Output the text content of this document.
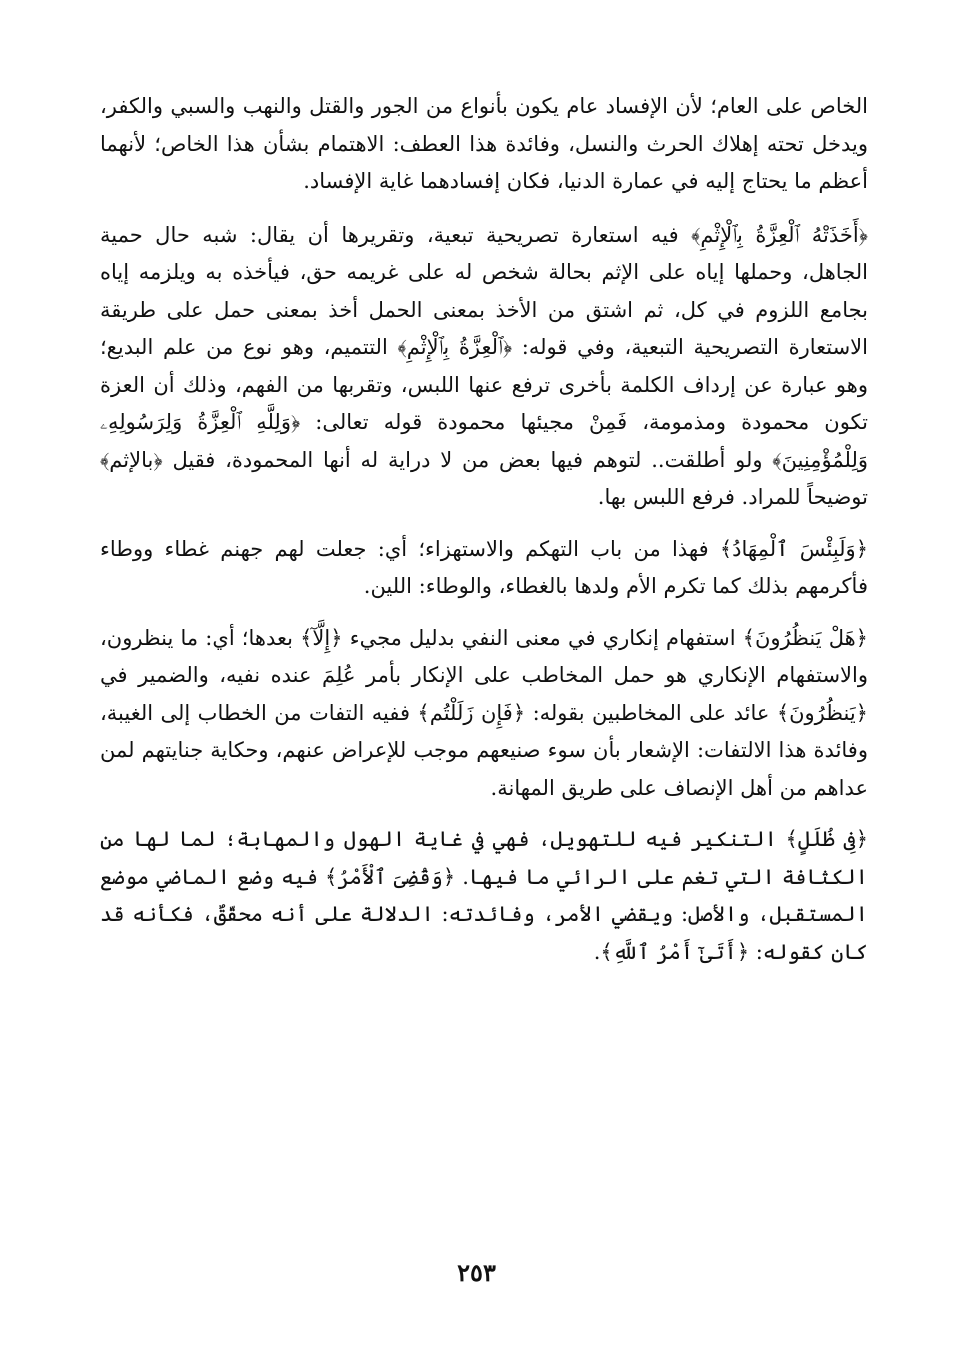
الخاص على العام؛ لأن الإفساد عام يكون بأنواع من الجور والقتل والنهب والسبي والكفر، ويدخل تحته إهلاك الحرث والنسل، وفائدة هذا العطف: الاهتمام بشأن هذا الخاص؛ لأنهما أعظم ما يحتاج إليه في عمارة الدنيا، فكان إفسادهما غاية الإفساد.

﴿أَخَذَتْهُ ٱلْعِزَّةُ بِٱلْإِثْمِ﴾ فيه استعارة تصريحية تبعية، وتقريرها أن يقال: شبه حال حمية الجاهل، وحملها إياه على الإثم بحالة شخص له على غريمه حق، فيأخذه به ويلزمه إياه بجامع اللزوم في كل، ثم اشتق من الأخذ بمعنى الحمل أخذ بمعنى حمل على طريقة الاستعارة التصريحية التبعية، وفي قوله: ﴿ٱلْعِزَّةُ بِٱلْإِثْمِ﴾ التتميم، وهو نوع من علم البديع؛ وهو عبارة عن إرداف الكلمة بأخرى ترفع عنها اللبس، وتقربها من الفهم، وذلك أن العزة تكون محمودة ومذمومة، فَمِنْ مجيئها محمودة قوله تعالى: ﴿وَلِلَّهِ ٱلْعِزَّةُ وَلِرَسُولِهِۦ وَلِلْمُؤْمِنِينَ﴾ ولو أطلقت.. لتوهم فيها بعض من لا دراية له أنها المحمودة، فقيل ﴿بالإثم﴾ توضيحاً للمراد. فرفع اللبس بها.

﴿وَلَبِئْسَ ٱلْمِهَادُ﴾ فهذا من باب التهكم والاستهزاء؛ أي: جعلت لهم جهنم غطاء ووطاء فأكرمهم بذلك كما تكرم الأم ولدها بالغطاء، والوطاء: اللين.

﴿هَلْ يَنظُرُونَ﴾ استفهام إنكاري في معنى النفي بدليل مجيء ﴿إِلَّآ﴾ بعدها؛ أي: ما ينظرون، والاستفهام الإنكاري هو حمل المخاطب على الإنكار بأمر عُلِمَ عنده نفيه، والضمير في ﴿يَنظُرُونَ﴾ عائد على المخاطبين بقوله: ﴿فَإِن زَلَلْتُم﴾ ففيه التفات من الخطاب إلى الغيبة، وفائدة هذا الالتفات: الإشعار بأن سوء صنيعهم موجب للإعراض عنهم، وحكاية جنايتهم لمن عداهم من أهل الإنصاف على طريق المهانة.

﴿فِى ظُلَلٍ﴾ التنكير فيه للتهويل، فهي في غاية الهول والمهابة؛ لما لها من الكثافة التي تغم على الرائي ما فيها. ﴿وَقُضِىَ ٱلْأَمْرُ﴾ فيه وضع الماضي موضع المستقبل، والأصل: ويقضي الأمر، وفائدته: الدلالة على أنه محقّقٌ، فكأنه قد كان كقوله: ﴿أَتَىٰٓ أَمْرُ ٱللَّهِ﴾.

٢٥٣
